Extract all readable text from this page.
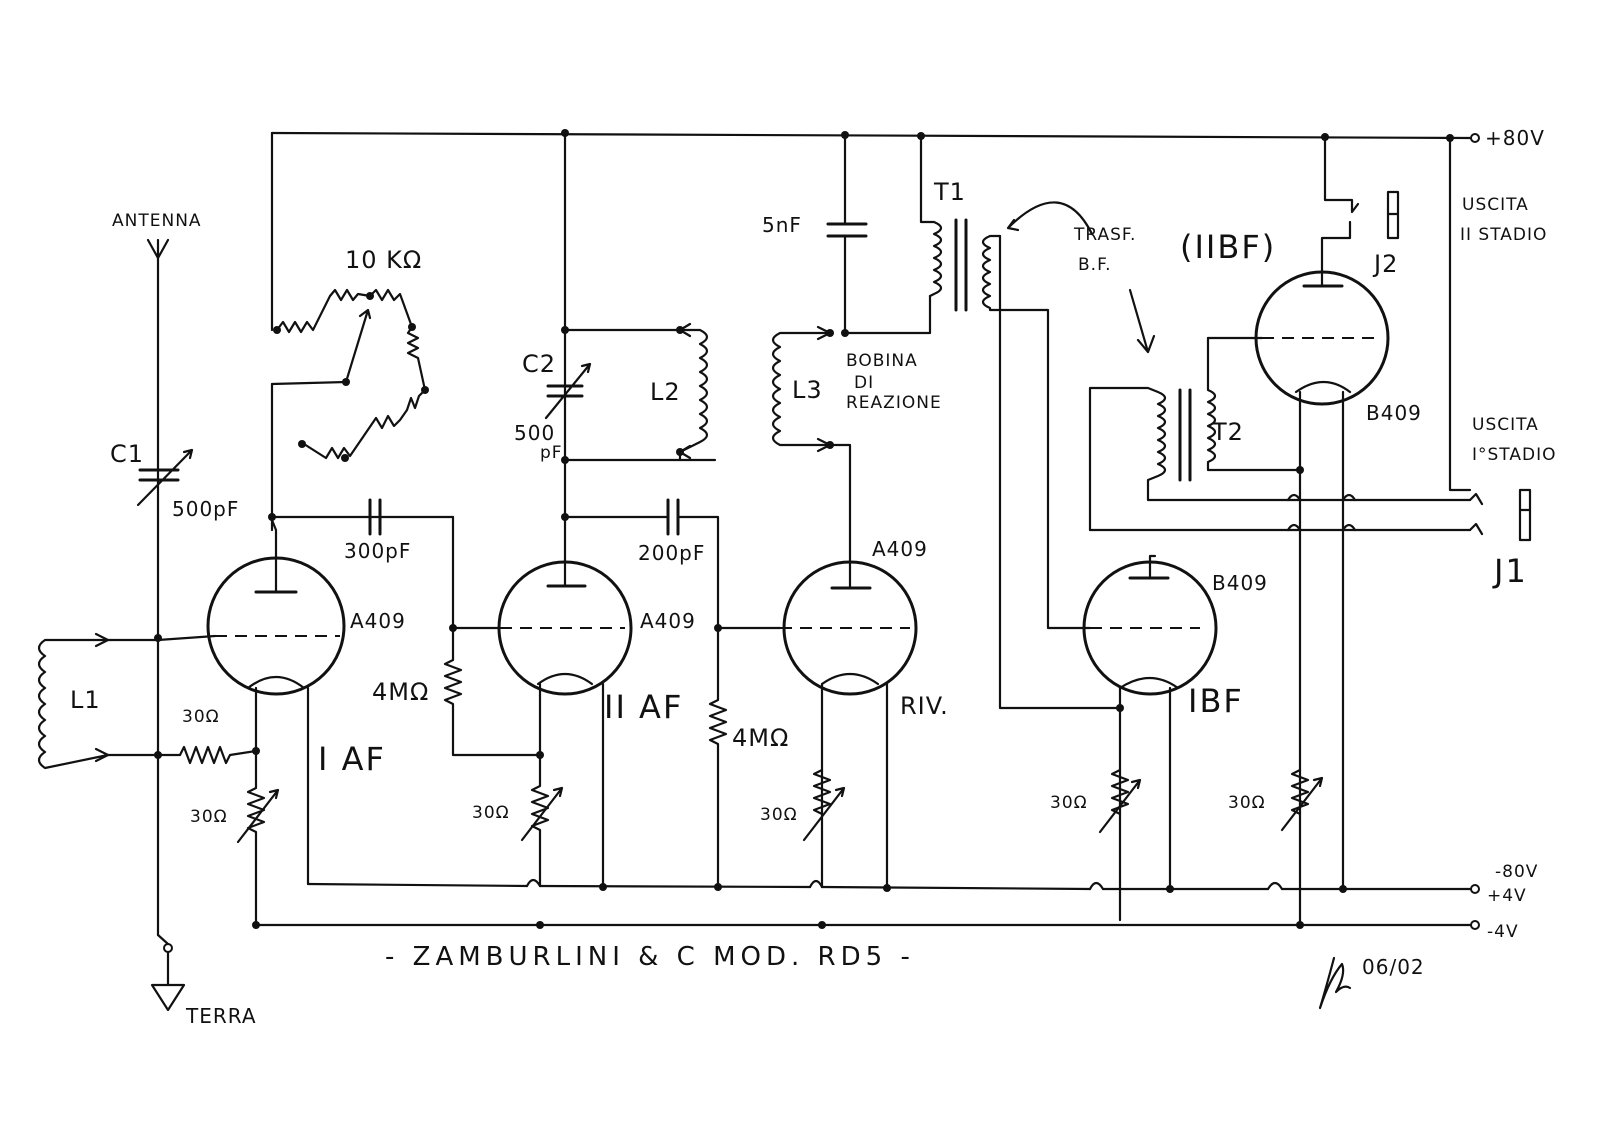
+80V
-80V
+4V
-4V
ANTENNA
TERRA
C1
500pF
L1
30Ω
30Ω
A409
I AF
10 KΩ
300pF
4MΩ
A409
ΙΙ AF
C2
500
pF
L2
200pF
4MΩ
30Ω
A409
RIV.
30Ω
L3
BOBINA
DI
REAZIONE
5nF
T1
TRASF.
B.F.
B409
IBF
30Ω
T2
J1
USCITA
I°STADIO
B409
(ΙΙBF)
30Ω
J2
USCITA
ΙΙ STADIO
- ZAMBURLINI & C MOD. RD5 -	06/02
